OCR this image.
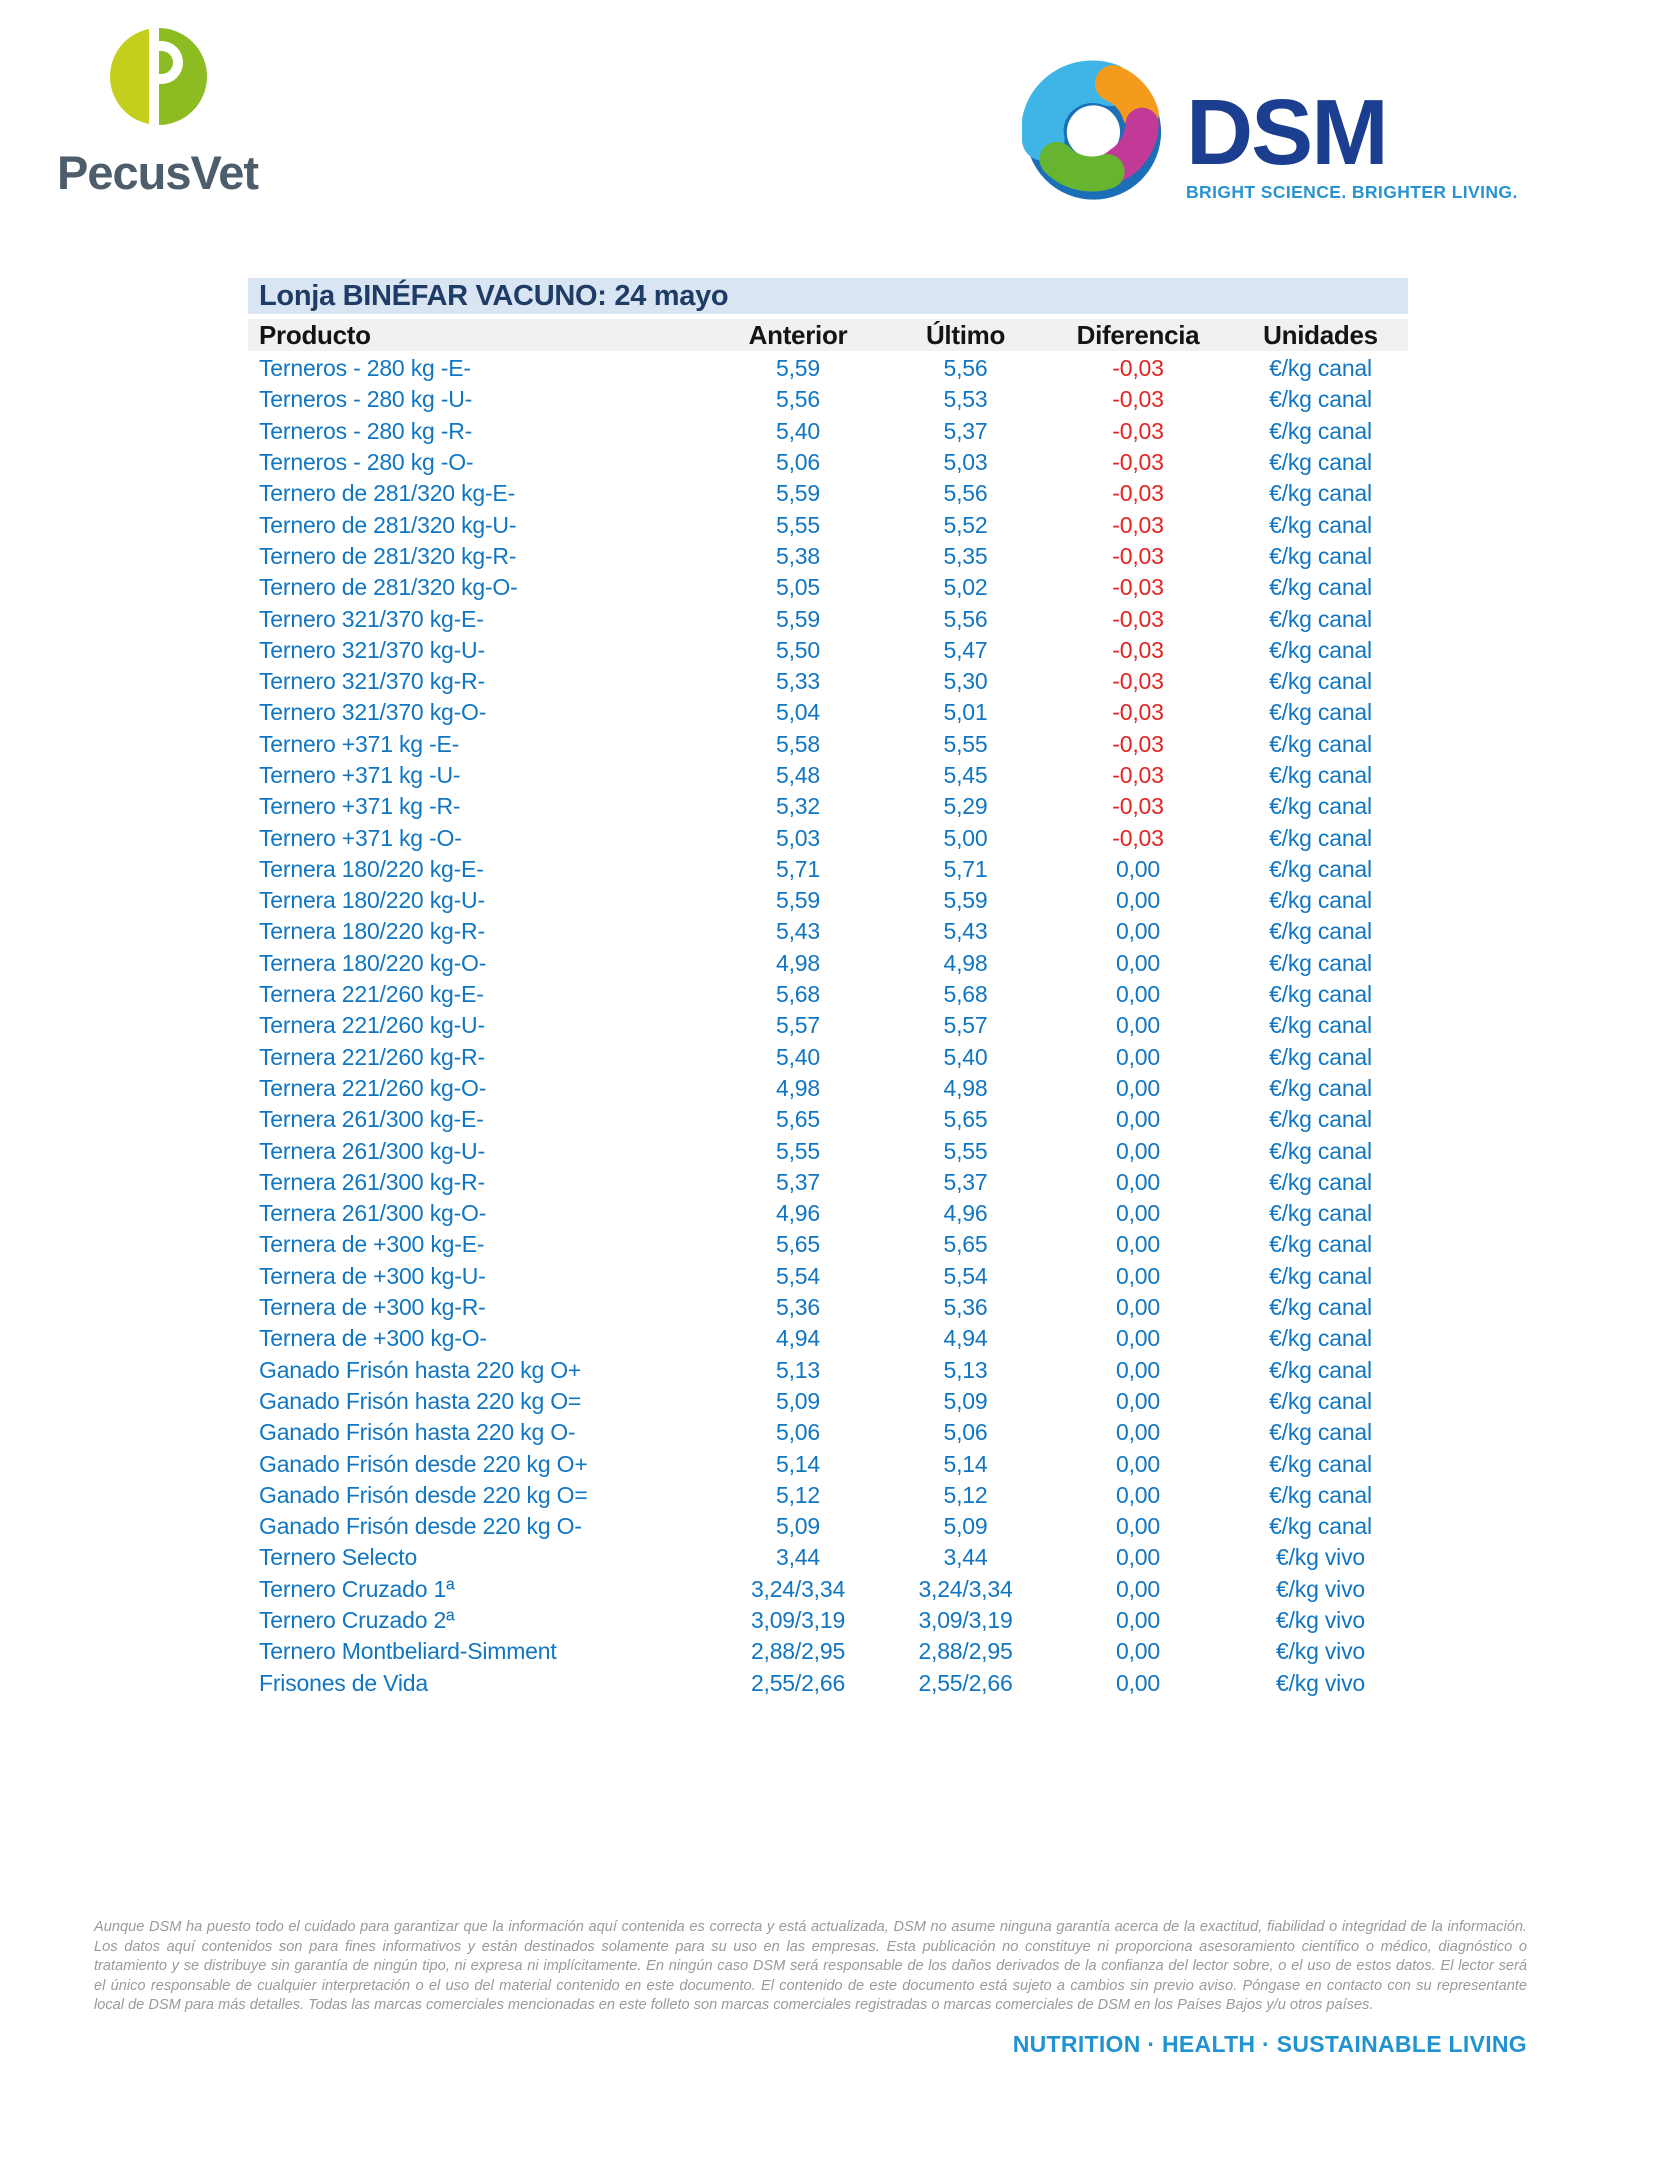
PecusVet	DSM
BRIGHT SCIENCE. BRIGHTER LIVING.
Lonja BINÉFAR VACUNO: 24 mayo
Producto	Anterior	Último	Diferencia	Unidades
Terneros - 280 kg -E-	5,59	5,56	-0,03	€/kg canal
Terneros - 280 kg -U-	5,56	5,53	-0,03	€/kg canal
Terneros - 280 kg -R-	5,40	5,37	-0,03	€/kg canal
Terneros - 280 kg -O-	5,06	5,03	-0,03	€/kg canal
Ternero de 281/320 kg-E-	5,59	5,56	-0,03	€/kg canal
Ternero de 281/320 kg-U-	5,55	5,52	-0,03	€/kg canal
Ternero de 281/320 kg-R-	5,38	5,35	-0,03	€/kg canal
Ternero de 281/320 kg-O-	5,05	5,02	-0,03	€/kg canal
Ternero 321/370 kg-E-	5,59	5,56	-0,03	€/kg canal
Ternero 321/370 kg-U-	5,50	5,47	-0,03	€/kg canal
Ternero 321/370 kg-R-	5,33	5,30	-0,03	€/kg canal
Ternero 321/370 kg-O-	5,04	5,01	-0,03	€/kg canal
Ternero +371 kg -E-	5,58	5,55	-0,03	€/kg canal
Ternero +371 kg -U-	5,48	5,45	-0,03	€/kg canal
Ternero +371 kg -R-	5,32	5,29	-0,03	€/kg canal
Ternero +371 kg -O-	5,03	5,00	-0,03	€/kg canal
Ternera 180/220 kg-E-	5,71	5,71	0,00	€/kg canal
Ternera 180/220 kg-U-	5,59	5,59	0,00	€/kg canal
Ternera 180/220 kg-R-	5,43	5,43	0,00	€/kg canal
Ternera 180/220 kg-O-	4,98	4,98	0,00	€/kg canal
Ternera 221/260 kg-E-	5,68	5,68	0,00	€/kg canal
Ternera 221/260 kg-U-	5,57	5,57	0,00	€/kg canal
Ternera 221/260 kg-R-	5,40	5,40	0,00	€/kg canal
Ternera 221/260 kg-O-	4,98	4,98	0,00	€/kg canal
Ternera 261/300 kg-E-	5,65	5,65	0,00	€/kg canal
Ternera 261/300 kg-U-	5,55	5,55	0,00	€/kg canal
Ternera 261/300 kg-R-	5,37	5,37	0,00	€/kg canal
Ternera 261/300 kg-O-	4,96	4,96	0,00	€/kg canal
Ternera de +300 kg-E-	5,65	5,65	0,00	€/kg canal
Ternera de +300 kg-U-	5,54	5,54	0,00	€/kg canal
Ternera de +300 kg-R-	5,36	5,36	0,00	€/kg canal
Ternera de +300 kg-O-	4,94	4,94	0,00	€/kg canal
Ganado Frisón hasta 220 kg O+	5,13	5,13	0,00	€/kg canal
Ganado Frisón hasta 220 kg O=	5,09	5,09	0,00	€/kg canal
Ganado Frisón hasta 220 kg O-	5,06	5,06	0,00	€/kg canal
Ganado Frisón desde 220 kg O+	5,14	5,14	0,00	€/kg canal
Ganado Frisón desde 220 kg O=	5,12	5,12	0,00	€/kg canal
Ganado Frisón desde 220 kg O-	5,09	5,09	0,00	€/kg canal
Ternero Selecto	3,44	3,44	0,00	€/kg vivo
Ternero Cruzado 1ª	3,24/3,34	3,24/3,34	0,00	€/kg vivo
Ternero Cruzado 2ª	3,09/3,19	3,09/3,19	0,00	€/kg vivo
Ternero Montbeliard-Simment	2,88/2,95	2,88/2,95	0,00	€/kg vivo
Frisones de Vida	2,55/2,66	2,55/2,66	0,00	€/kg vivo
Aunque DSM ha puesto todo el cuidado para garantizar que la información aquí contenida es correcta y está actualizada, DSM no asume ninguna garantía acerca de la exactitud, fiabilidad o integridad de la información.
Los datos aquí contenidos son para fines informativos y están destinados solamente para su uso en las empresas. Esta publicación no constituye ni proporciona asesoramiento científico o médico, diagnóstico o
tratamiento y se distribuye sin garantía de ningún tipo, ni expresa ni implícitamente. En ningún caso DSM será responsable de los daños derivados de la confianza del lector sobre, o el uso de estos datos. El lector será
el único responsable de cualquier interpretación o el uso del material contenido en este documento. El contenido de este documento está sujeto a cambios sin previo aviso. Póngase en contacto con su representante
local de DSM para más detalles. Todas las marcas comerciales mencionadas en este folleto son marcas comerciales registradas o marcas comerciales de DSM en los Países Bajos y/u otros países.
NUTRITION · HEALTH · SUSTAINABLE LIVING
